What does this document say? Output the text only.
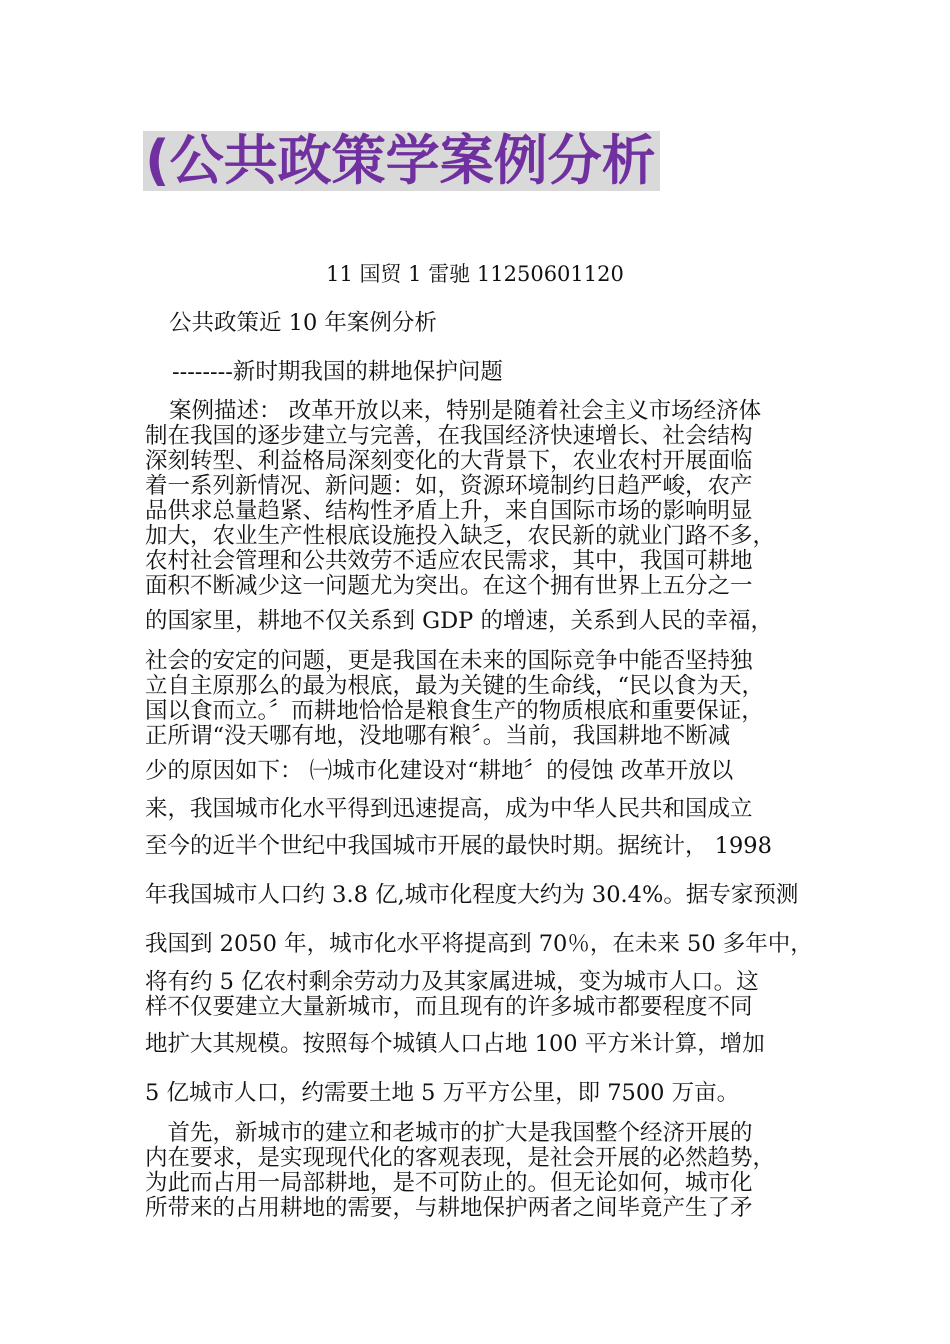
(公共政策学案例分析
11 国贸 1 雷驰 11250601120
公共政策近 10 年案例分析
--------新时期我国的耕地保护问题
案例描述： 改革开放以来，特别是随着社会主义市场经济体
制在我国的逐步建立与完善，在我国经济快速增长、社会结构
深刻转型、利益格局深刻变化的大背景下，农业农村开展面临
着一系列新情况、新问题：如，资源环境制约日趋严峻，农产
品供求总量趋紧、结构性矛盾上升，来自国际市场的影响明显
加大，农业生产性根底设施投入缺乏，农民新的就业门路不多，
农村社会管理和公共效劳不适应农民需求，其中，我国可耕地
面积不断减少这一问题尤为突出。在这个拥有世界上五分之一
的国家里，耕地不仅关系到 GDP 的增速，关系到人民的幸福，
社会的安定的问题，更是我国在未来的国际竞争中能否坚持独
立自主原那么的最为根底，最为关键的生命线，“民以食为天，
国以食而立。〞而耕地恰恰是粮食生产的物质根底和重要保证，
正所谓“没天哪有地，没地哪有粮〞。当前，我国耕地不断减
少的原因如下： ㈠城市化建设对“耕地〞的侵蚀 改革开放以
来，我国城市化水平得到迅速提高，成为中华人民共和国成立
至今的近半个世纪中我国城市开展的最快时期。据统计， 1998
年我国城市人口约 3.8 亿,城市化程度大约为 30.4%。据专家预测
我国到 2050 年，城市化水平将提高到 70％，在未来 50 多年中，
将有约 5 亿农村剩余劳动力及其家属进城，变为城市人口。这
样不仅要建立大量新城市，而且现有的许多城市都要程度不同
地扩大其规模。按照每个城镇人口占地 100 平方米计算，增加
5 亿城市人口，约需要土地 5 万平方公里，即 7500 万亩。
　首先，新城市的建立和老城市的扩大是我国整个经济开展的
内在要求，是实现现代化的客观表现，是社会开展的必然趋势，
为此而占用一局部耕地，是不可防止的。但无论如何，城市化
所带来的占用耕地的需要，与耕地保护两者之间毕竟产生了矛
